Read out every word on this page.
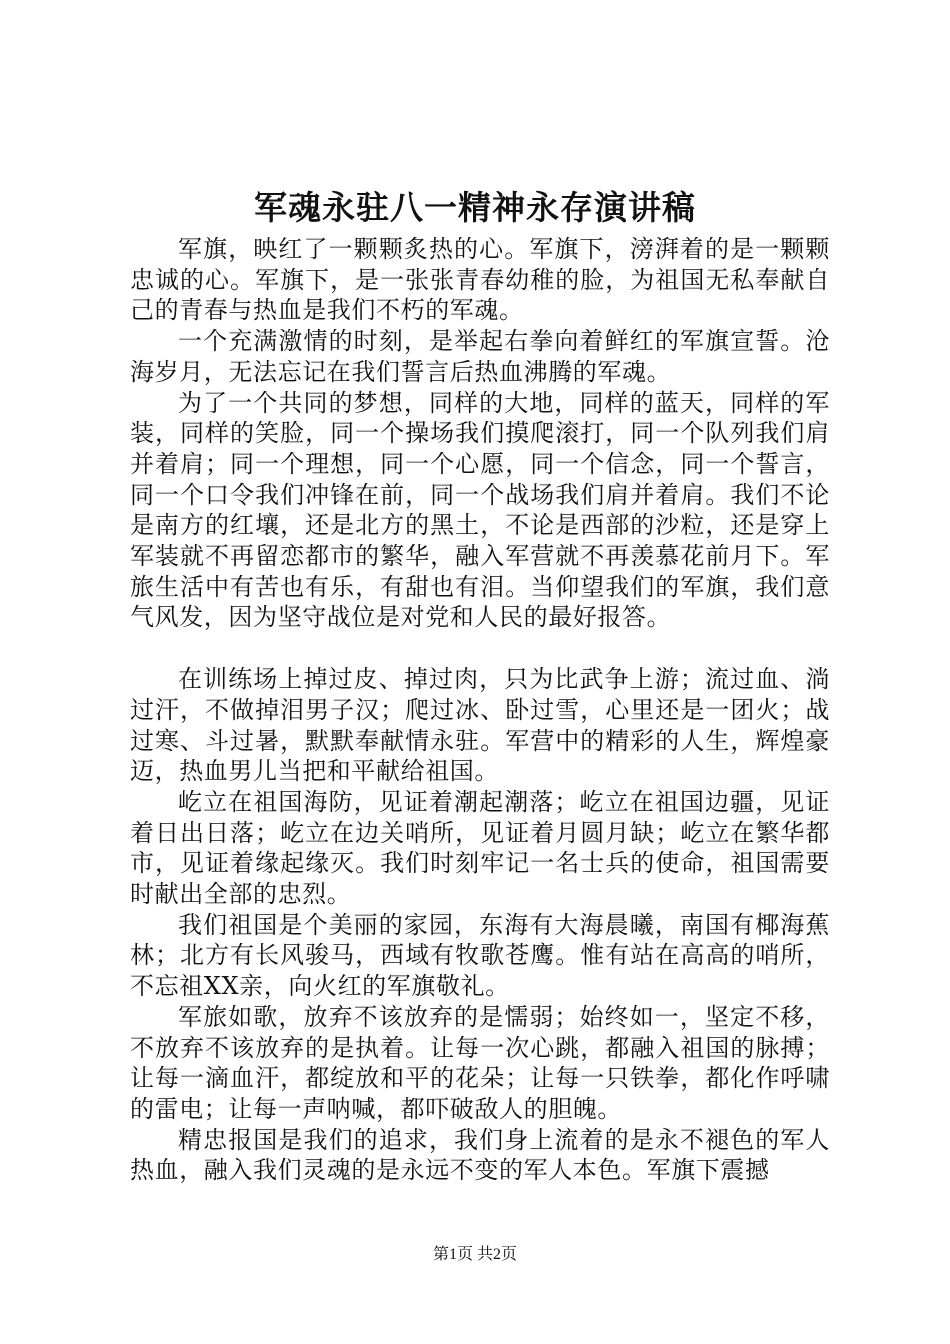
军魂永驻八一精神永存演讲稿

军旗，映红了一颗颗炙热的心。军旗下，滂湃着的是一颗颗忠诚的心。军旗下，是一张张青春幼稚的脸，为祖国无私奉献自己的青春与热血是我们不朽的军魂。

一个充满激情的时刻，是举起右拳向着鲜红的军旗宣誓。沧海岁月，无法忘记在我们誓言后热血沸腾的军魂。

为了一个共同的梦想，同样的大地，同样的蓝天，同样的军装，同样的笑脸，同一个操场我们摸爬滚打，同一个队列我们肩并着肩；同一个理想，同一个心愿，同一个信念，同一个誓言，同一个口令我们冲锋在前，同一个战场我们肩并着肩。我们不论是南方的红壤，还是北方的黑土，不论是西部的沙粒，还是穿上军装就不再留恋都市的繁华，融入军营就不再羡慕花前月下。军旅生活中有苦也有乐，有甜也有泪。当仰望我们的军旗，我们意气风发，因为坚守战位是对党和人民的最好报答。

在训练场上掉过皮、掉过肉，只为比武争上游；流过血、淌过汗，不做掉泪男子汉；爬过冰、卧过雪，心里还是一团火；战过寒、斗过暑，默默奉献情永驻。军营中的精彩的人生，辉煌豪迈，热血男儿当把和平献给祖国。

屹立在祖国海防，见证着潮起潮落；屹立在祖国边疆，见证着日出日落；屹立在边关哨所，见证着月圆月缺；屹立在繁华都市，见证着缘起缘灭。我们时刻牢记一名士兵的使命，祖国需要时献出全部的忠烈。

我们祖国是个美丽的家园，东海有大海晨曦，南国有椰海蕉林；北方有长风骏马，西域有牧歌苍鹰。惟有站在高高的哨所，不忘祖XX亲，向火红的军旗敬礼。

军旅如歌，放弃不该放弃的是懦弱；始终如一，坚定不移，不放弃不该放弃的是执着。让每一次心跳，都融入祖国的脉搏；让每一滴血汗，都绽放和平的花朵；让每一只铁拳，都化作呼啸的雷电；让每一声呐喊，都吓破敌人的胆魄。

精忠报国是我们的追求，我们身上流着的是永不褪色的军人热血，融入我们灵魂的是永远不变的军人本色。军旗下震撼

第1页 共2页
